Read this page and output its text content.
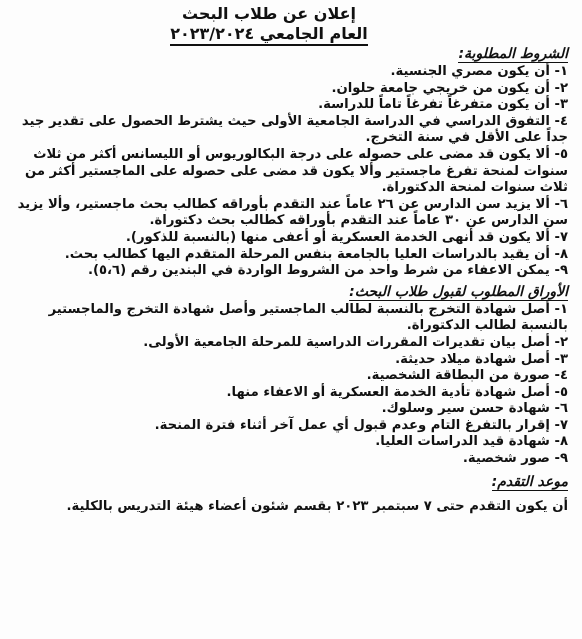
إعلان عن طلاب البحث

العام الجامعي ٢٠٢٣/٢٠٢٤

الشروط المطلوبة:

١- أن يكون مصري الجنسية.
٢- أن يكون من خريجي جامعة حلوان.
٣- أن يكون متفرغاً تفرغاً تاماً للدراسة.
٤- التفوق الدراسي في الدراسة الجامعية الأولى حيث يشترط الحصول على تقدير جيد جداً على الأقل في سنة التخرج.
٥- ألا يكون قد مضى على حصوله على درجة البكالوريوس أو الليسانس أكثر من ثلاث سنوات لمنحة تفرغ ماجستير وألا يكون قد مضى على حصوله على الماجستير أكثر من ثلاث سنوات لمنحة الدكتوراة.
٦- ألا يزيد سن الدارس عن ٢٦ عاماً عند التقدم بأوراقه كطالب بحث ماجستير، وألا يزيد سن الدارس عن ٣٠ عاماً عند التقدم بأوراقه كطالب بحث دكتوراة.
٧- ألا يكون قد أنهى الخدمة العسكرية أو أعفى منها (بالنسبة للذكور).
٨- أن يقيد بالدراسات العليا بالجامعة بنفس المرحلة المتقدم اليها كطالب بحث.
٩- يمكن الاعفاء من شرط واحد من الشروط الواردة في البندين رقم (٥،٦).

الأوراق المطلوب لقبول طلاب البحث:

١- أصل شهادة التخرج بالنسبة لطالب الماجستير وأصل شهادة التخرج والماجستير بالنسبة لطالب الدكتوراة.
٢- أصل بيان تقديرات المقررات الدراسية للمرحلة الجامعية الأولى.
٣- أصل شهادة ميلاد حديثة.
٤- صورة من البطاقة الشخصية.
٥- أصل شهادة تأدية الخدمة العسكرية أو الاعفاء منها.
٦- شهادة حسن سير وسلوك.
٧- إقرار بالتفرغ التام وعدم قبول أي عمل آخر أثناء فترة المنحة.
٨- شهادة قيد الدراسات العليا.
٩- صور شخصية.

موعد التقدم:

أن يكون التقدم حتى ٧ سبتمبر ٢٠٢٣ بقسم شئون أعضاء هيئة التدريس بالكلية.
